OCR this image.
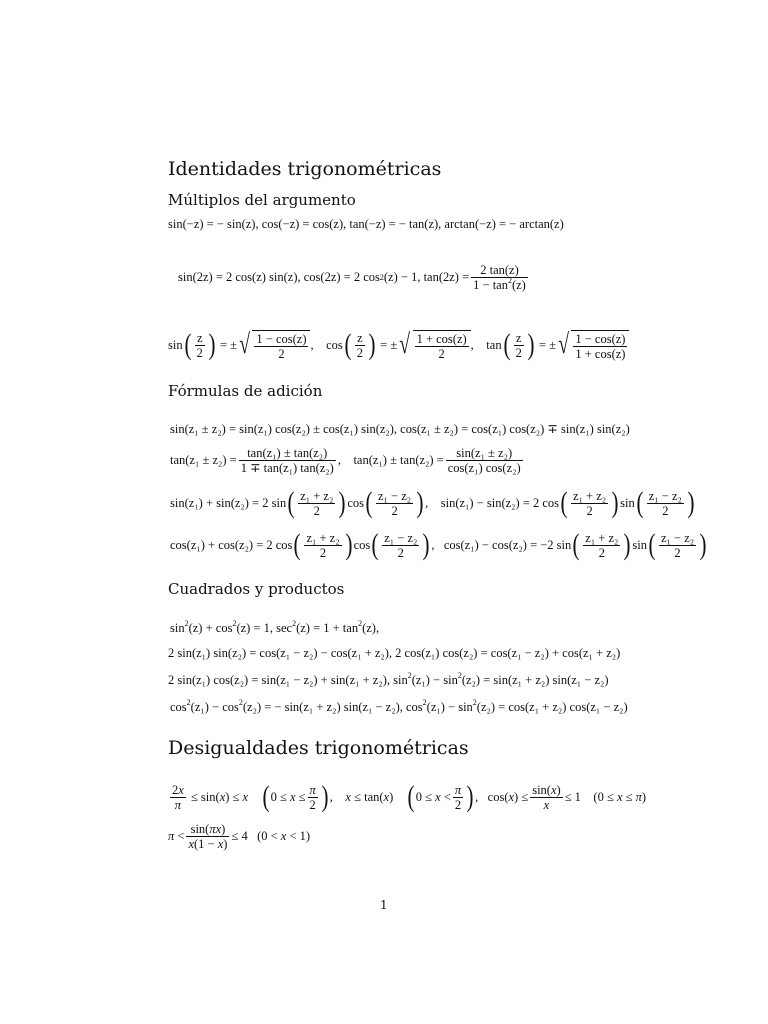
Identidades trigonométricas
Múltiplos del argumento
sin(−z) = − sin(z), cos(−z) = cos(z), tan(−z) = − tan(z), arctan(−z) = − arctan(z)
sin(2z) = 2 cos(z) sin(z), cos(2z) = 2 cos 2 (z) − 1, $\tan(2z) = \frac{2 \tan(z)}{1 - \tan^2(z)}$
sin ( $\frac{z}{2}$ ) = ± √ $\frac{1 - \cos(z)}{2}$ ,    cos ( $\frac{z}{2}$ ) = ± √ $\frac{1 + \cos(z)}{2}$ ,    tan ( $\frac{z}{2}$ ) = ± √ $\frac{1 - \cos(z)}{1 + \cos(z)}$
Fórmulas de adición
sin(z₁ ± z₂) = sin(z₁) cos(z₂) ± cos(z₁) sin(z₂), cos(z₁ ± z₂) = cos(z₁) cos(z₂) ∓ sin(z₁) sin(z₂)
$\tan(z_1 \pm z_2) = \frac{\text{tan(z₁) ± tan(z₂)}}{\text{1 ∓ tan(z₁) tan(z₂)}}$ ,    $\tan(z_1) \pm \tan(z_2) = \frac{\text{sin(z₁ ± z₂)}}{\text{cos(z₁) cos(z₂)}}$
sin(z₁) + sin(z₂) = 2 sin ( $\frac{\text{z₁ + z₂}}{2}$ ) cos ( $\frac{\text{z₁ − z₂}}{2}$ ) ,    sin(z₁) − sin(z₂) = 2 cos ( $\frac{\text{z₁ + z₂}}{2}$ ) sin ( $\frac{\text{z₁ − z₂}}{2}$ )
cos(z₁) + cos(z₂) = 2 cos ( $\frac{\text{z₁ + z₂}}{2}$ ) cos ( $\frac{\text{z₁ − z₂}}{2}$ ) ,   cos(z₁) − cos(z₂) = −2 sin ( $\frac{\text{z₁ + z₂}}{2}$ ) sin ( $\frac{\text{z₁ − z₂}}{2}$ )
Cuadrados y productos
$\sin^2(z) + \cos^2(z) = 1$, $\sec^2(z) = 1 + \tan^2(z)$,
2 sin(z₁) sin(z₂) = cos(z₁ − z₂) − cos(z₁ + z₂), 2 cos(z₁) cos(z₂) = cos(z₁ − z₂) + cos(z₁ + z₂)
2 sin(z₁) cos(z₂) = sin(z₁ − z₂) + sin(z₁ + z₂), $\sin^2(z_1) - \sin^2(z_2) = \sin(z_1 + z_2) \sin(z_1 - z_2)$
$\cos^2(z_1) - \cos^2(z_2)$ = − sin(z₁ + z₂) sin(z₁ − z₂), $\cos^2(z_1) - \sin^2(z_2) = \cos(z_1 + z_2) \cos(z_1 - z_2)$
Desigualdades trigonométricas
$\frac{2x}{\pi} \le \sin(x) \le x$ ( $0 \le x \le \frac{\pi}{2}$ ) ,    x ≤ tan(x) ( $0 \le x < \frac{\pi}{2}$ ) ,   $\cos(x) \le \frac{\sin(x)}{x} \le 1$    (0 ≤ x ≤ π)
$\pi < \frac{\sin(\pi x)}{x(1 - x)} \le 4$   (0 < x < 1)
1
